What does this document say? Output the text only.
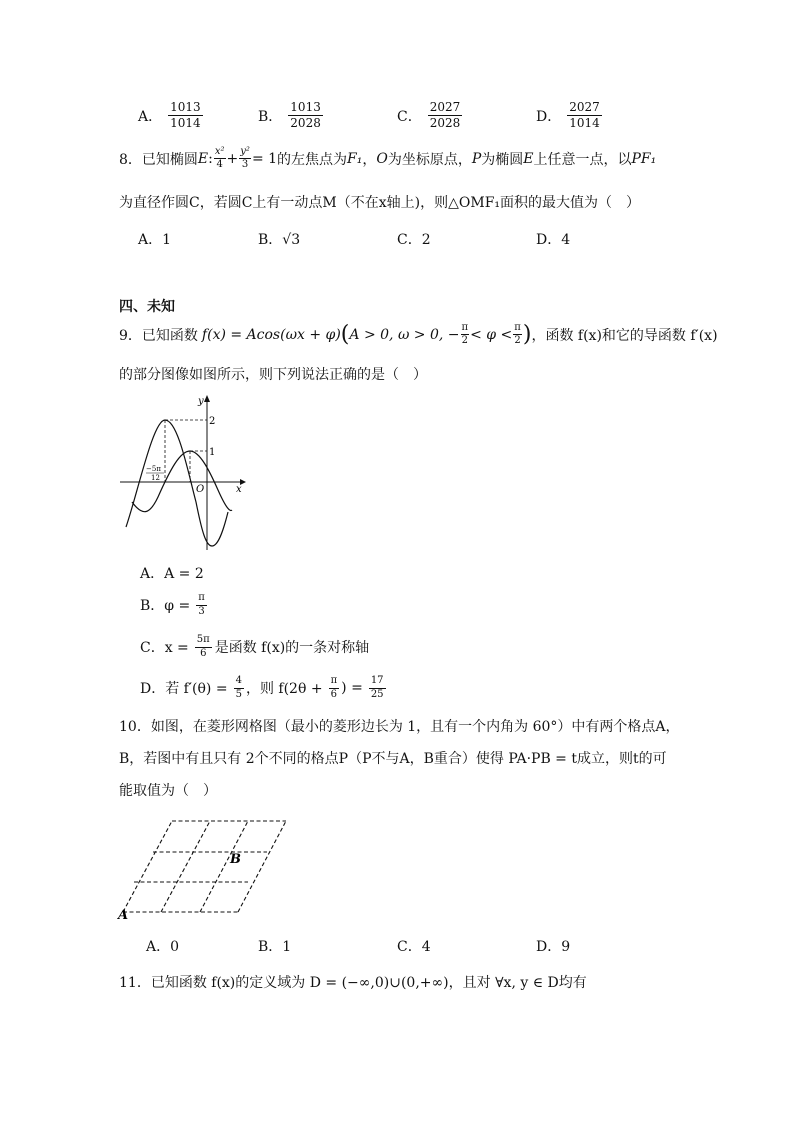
A． $\frac{1013}{1014}$	B． $\frac{1013}{2028}$	C． $\frac{2027}{2028}$	D． $\frac{2027}{1014}$
8． 已知椭圆 E : x²
$4 + \frac{\text{y²}}{3} = 1$ 的左焦点为 F₁ ， O 为坐标原点， P 为椭圆 E 上任意一点，以 PF₁
为直径作圆C，若圆C上有一动点M（不在x轴上)，则△OMF₁面积的最大值为（　）
A．1	B．√3	C．2	D．4
四、未知
9．已知函数 f(x) = Acos(ωx + φ) ( A > 0, ω > 0, − $\frac{\pi}{2} < \varphi < \pi$
2 ) ，函数 f(x)和它的导函数 f′(x)
的部分图像如图所示，则下列说法正确的是（　）
y
x
O
2
1
−5π
12
A．A = 2
B．$\varphi = \frac{\pi}{3}$
C．$x = \frac{5\pi}{6}$ 是函数 f(x)的一条对称轴
D．若 $f'(\theta) = \frac{4}{5}$ ，则 $f(2\theta + \frac{\pi}{6}$ ) = $\frac{17}{25}$
10．如图，在菱形网格图（最小的菱形边长为 1，且有一个内角为 60°）中有两个格点A，
B，若图中有且只有 2个不同的格点P（P不与A，B重合）使得 PA·PB = t成立，则t的可
能取值为（　）
A
B
A．0	B．1	C．4	D．9
11．已知函数 f(x)的定义域为 D = (−∞,0)∪(0,+∞)，且对 ∀x, y ∈ D均有
